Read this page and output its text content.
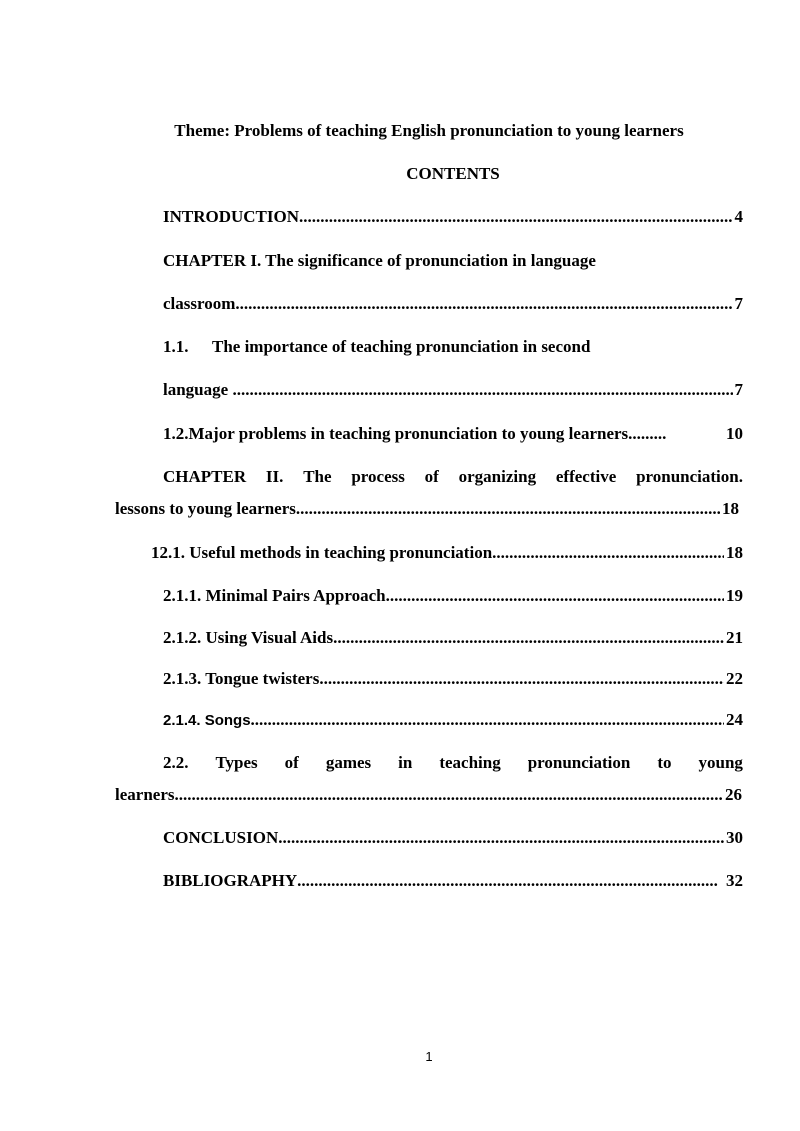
Theme: Problems of teaching English pronunciation to young learners
CONTENTS
INTRODUCTION .....	4
CHAPTER I. The significance of pronunciation in language
classroom .....	7
1.1. The importance of teaching pronunciation in second
language .....	7
1.2.Major problems in teaching pronunciation to young learners.........	10
CHAPTER II. The process of organizing effective pronunciation.
lessons to young learners .....	18
12.1. Useful methods in teaching pronunciation .....	18
2.1.1. Minimal Pairs Approach .....	19
2.1.2. Using Visual Aids .....	21
2.1.3. Tongue twisters .....	22
2.1.4. Songs .....	24
2.2. Types of games in teaching pronunciation to young
learners .....	26
CONCLUSION .....	30
BIBLIOGRAPHY .....	32
1
